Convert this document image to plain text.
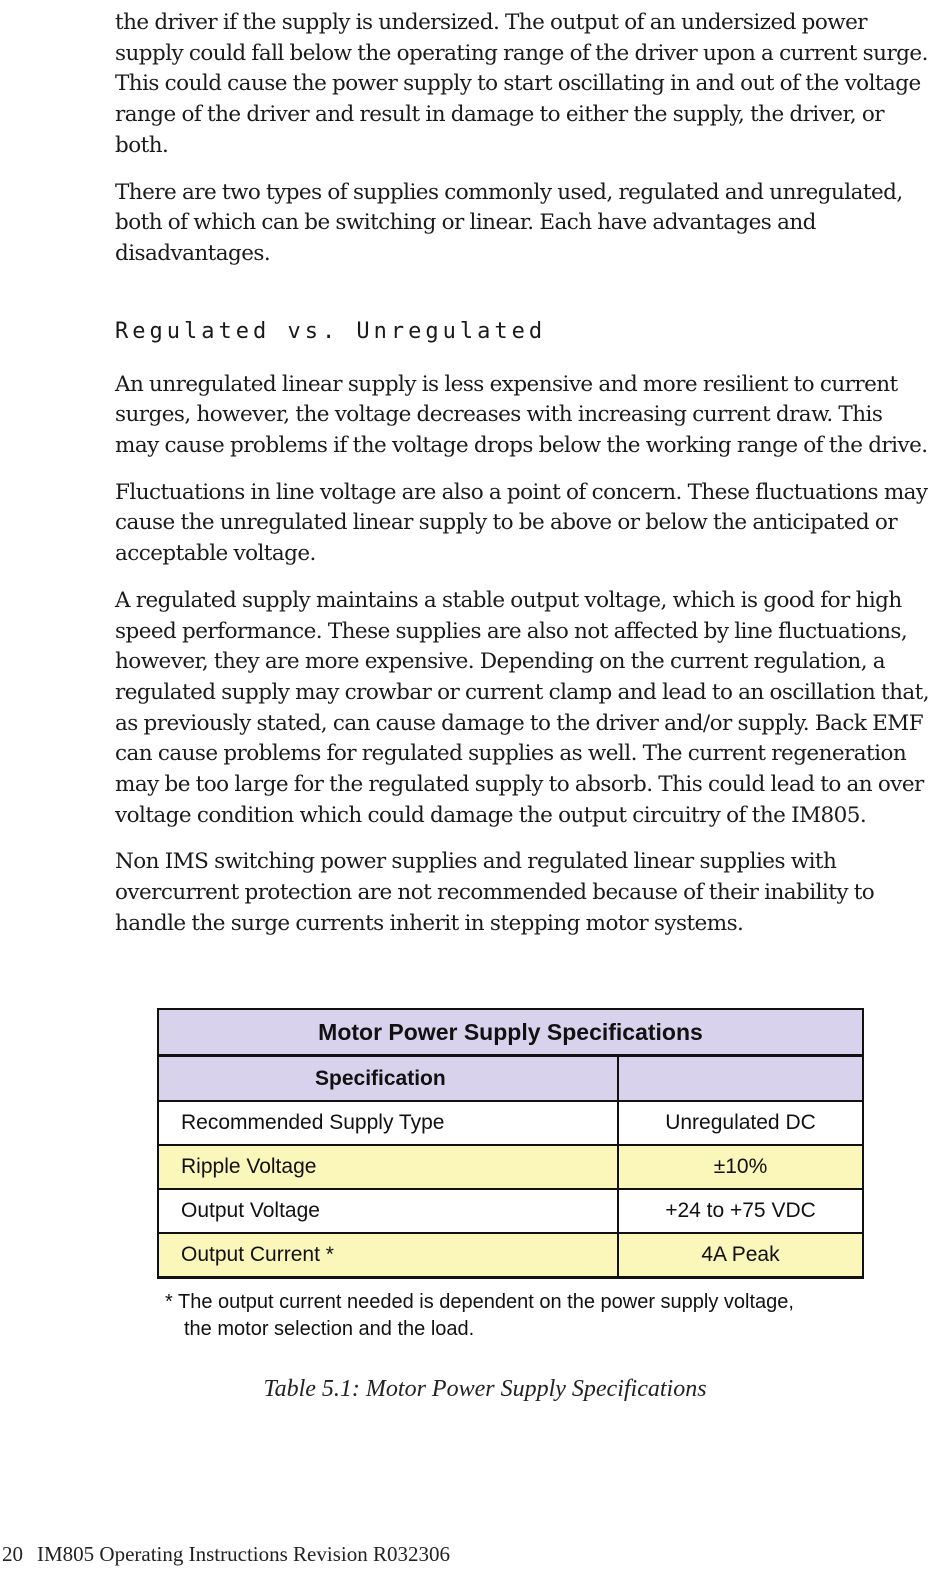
the driver if the supply is undersized. The output of an undersized power supply could fall below the operating range of the driver upon a current surge. This could cause the power supply to start oscillating in and out of the voltage range of the driver and result in damage to either the supply, the driver, or both.

There are two types of supplies commonly used, regulated and unregulated, both of which can be switching or linear. Each have advantages and disadvantages.

Regulated vs. Unregulated

An unregulated linear supply is less expensive and more resilient to current surges, however, the voltage decreases with increasing current draw. This may cause problems if the voltage drops below the working range of the drive.

Fluctuations in line voltage are also a point of concern. These fluctuations may cause the unregulated linear supply to be above or below the anticipated or acceptable voltage.

A regulated supply maintains a stable output voltage, which is good for high speed performance. These supplies are also not affected by line fluctuations, however, they are more expensive. Depending on the current regulation, a regulated supply may crowbar or current clamp and lead to an oscillation that, as previously stated, can cause damage to the driver and/or supply. Back EMF can cause problems for regulated supplies as well. The current regeneration may be too large for the regulated supply to absorb. This could lead to an over voltage condition which could damage the output circuitry of the IM805.

Non IMS switching power supplies and regulated linear supplies with overcurrent protection are not recommended because of their inability to handle the surge currents inherit in stepping motor systems.

Motor Power Supply Specifications	
Specification	
Recommended Supply Type	Unregulated DC
Ripple Voltage	±10%
Output Voltage	+24 to +75 VDC
Output Current *	4A Peak
* The output current needed is dependent on the power supply voltage,
the motor selection and the load.
Table 5.1: Motor Power Supply Specifications
20 IM805 Operating Instructions Revision R032306
